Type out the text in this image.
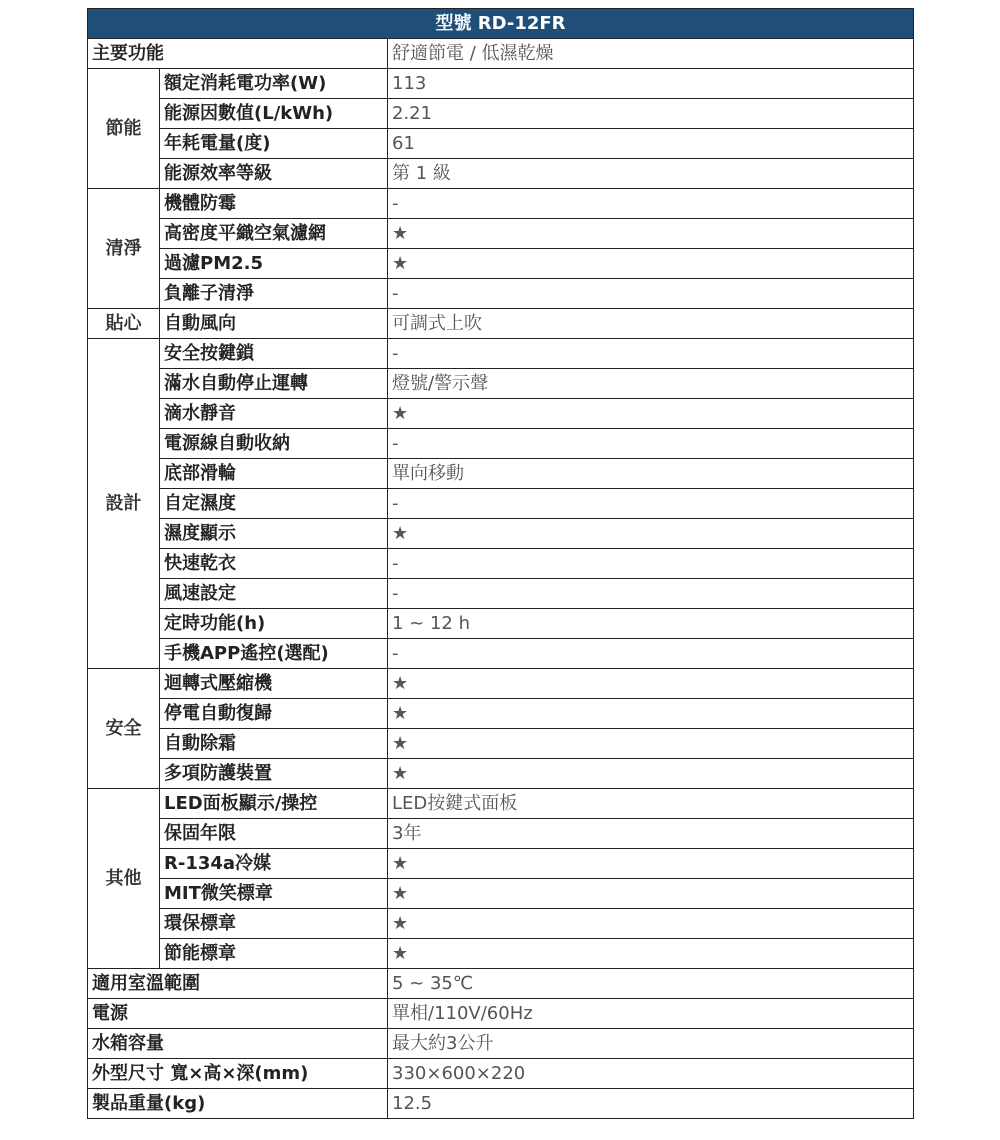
型號 RD-12FR		
主要功能		舒適節電 / 低濕乾燥
節能	額定消耗電功率(W)	113
	能源因數值(L/kWh)	2.21
	年耗電量(度)	61
	能源效率等級	第 1 級
清淨	機體防霉	-
	高密度平織空氣濾網	★
	過濾PM2.5	★
	負離子清淨	-
貼心	自動風向	可調式上吹
設計	安全按鍵鎖	-
	滿水自動停止運轉	燈號/警示聲
	滴水靜音	★
	電源線自動收納	-
	底部滑輪	單向移動
	自定濕度	-
	濕度顯示	★
	快速乾衣	-
	風速設定	-
	定時功能(h)	1 ~ 12 h
	手機APP遙控(選配)	-
安全	迴轉式壓縮機	★
	停電自動復歸	★
	自動除霜	★
	多項防護裝置	★
其他	LED面板顯示/操控	LED按鍵式面板
	保固年限	3年
	R-134a冷媒	★
	MIT微笑標章	★
	環保標章	★
	節能標章	★
適用室溫範圍		5 ~ 35℃
電源		單相/110V/60Hz
水箱容量		最大約3公升
外型尺寸 寬×高×深(mm)		330×600×220
製品重量(kg)		12.5
